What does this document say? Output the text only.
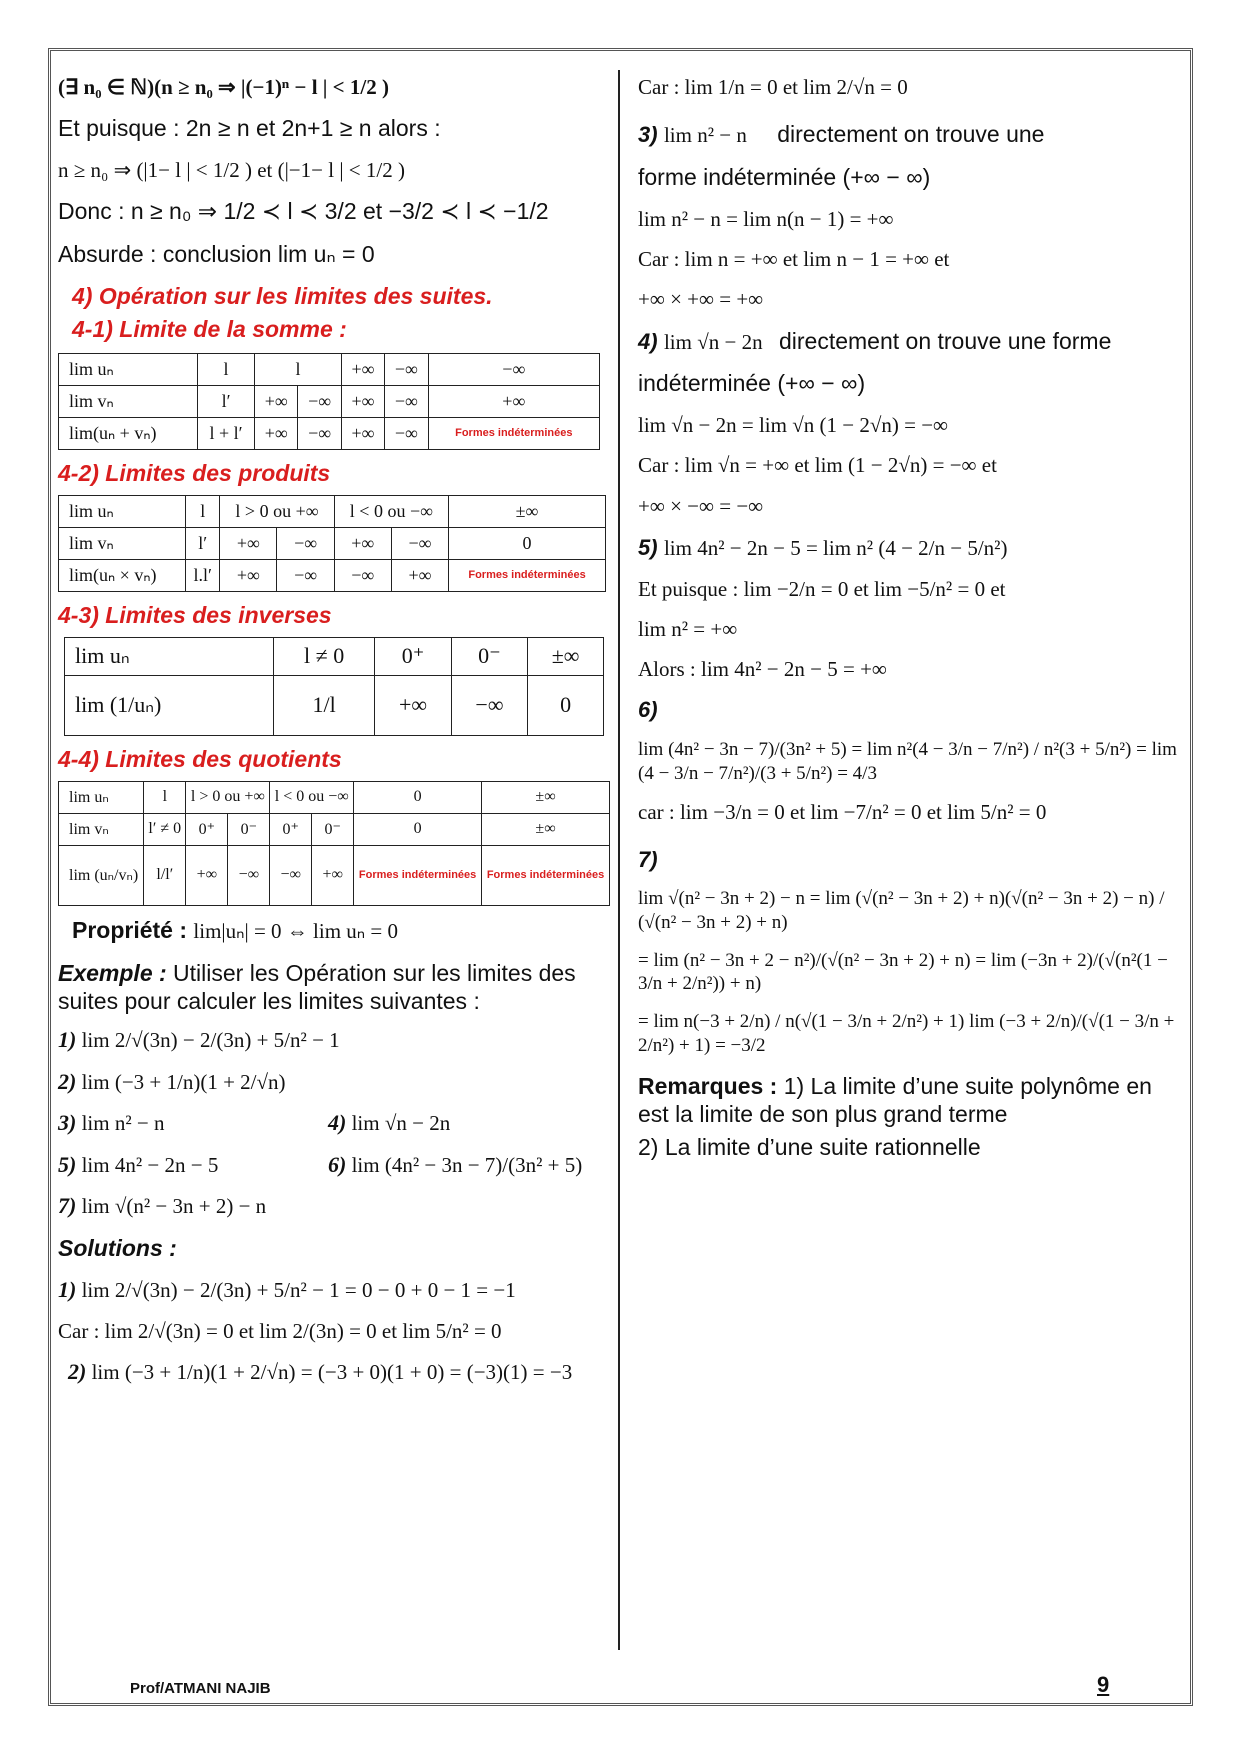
(∃ n₀ ∈ ℕ)(n ≥ n₀ ⇒ |(−1)ⁿ − l | < 1/2 )
Et puisque : 2n ≥ n et 2n+1 ≥ n alors :
n ≥ n₀ ⇒ (|1− l | < 1/2 ) et (|−1− l | < 1/2 )
Donc : n ≥ n₀ ⇒ 1/2 ≺ l ≺ 3/2 et −3/2 ≺ l ≺ −1/2
Absurde : conclusion lim uₙ = 0
4) Opération sur les limites des suites.
4-1) Limite de la somme :
lim uₙ	l	l		+∞	−∞	−∞
lim vₙ	l′	+∞	−∞	+∞	−∞	+∞
lim(uₙ + vₙ)	l + l′	+∞	−∞	+∞	−∞	Formes indéterminées
4-2) Limites des produits
lim uₙ	l	l > 0 ou +∞		l < 0 ou −∞		±∞
lim vₙ	l′	+∞	−∞	+∞	−∞	0
lim(uₙ × vₙ)	l.l′	+∞	−∞	−∞	+∞	Formes indéterminées
4-3) Limites des inverses
lim uₙ	l ≠ 0	0⁺	0⁻	±∞
lim (1/uₙ)	1/l	+∞	−∞	0
4-4) Limites des quotients
lim uₙ	l	l > 0 ou +∞		l < 0 ou −∞		0	±∞
lim vₙ	l′ ≠ 0	0⁺	0⁻	0⁺	0⁻	0	±∞
lim (uₙ/vₙ)	l/l′	+∞	−∞	−∞	+∞	Formes indéterminées	Formes indéterminées
Propriété : lim|uₙ| = 0 ⇔ lim uₙ = 0
Exemple : Utiliser les Opération sur les limites des suites pour calculer les limites suivantes :
1) lim 2/√(3n) − 2/(3n) + 5/n² − 1
2) lim (−3 + 1/n)(1 + 2/√n)
3) lim n² − n	4) lim √n − 2n
5) lim 4n² − 2n − 5	6) lim (4n² − 3n − 7)/(3n² + 5)
7) lim √(n² − 3n + 2) − n
Solutions :
1) lim 2/√(3n) − 2/(3n) + 5/n² − 1 = 0 − 0 + 0 − 1 = −1
Car : lim 2/√(3n) = 0 et lim 2/(3n) = 0 et lim 5/n² = 0
2) lim (−3 + 1/n)(1 + 2/√n) = (−3 + 0)(1 + 0) = (−3)(1) = −3
Car : lim 1/n = 0 et lim 2/√n = 0
3) lim n² − n directement on trouve une
forme indéterminée (+∞ − ∞)
lim n² − n = lim n(n − 1) = +∞
Car : lim n = +∞ et lim n − 1 = +∞ et
+∞ × +∞ = +∞
4) lim √n − 2n directement on trouve une forme
indéterminée (+∞ − ∞)
lim √n − 2n = lim √n (1 − 2√n) = −∞
Car : lim √n = +∞ et lim (1 − 2√n) = −∞ et
+∞ × −∞ = −∞
5) lim 4n² − 2n − 5 = lim n² (4 − 2/n − 5/n²)
Et puisque : lim −2/n = 0 et lim −5/n² = 0 et
lim n² = +∞
Alors : lim 4n² − 2n − 5 = +∞
6)
lim (4n² − 3n − 7)/(3n² + 5) = lim n²(4 − 3/n − 7/n²) / n²(3 + 5/n²) = lim (4 − 3/n − 7/n²)/(3 + 5/n²) = 4/3
car : lim −3/n = 0 et lim −7/n² = 0 et lim 5/n² = 0
7)
lim √(n² − 3n + 2) − n = lim (√(n² − 3n + 2) + n)(√(n² − 3n + 2) − n) / (√(n² − 3n + 2) + n)
= lim (n² − 3n + 2 − n²)/(√(n² − 3n + 2) + n) = lim (−3n + 2)/(√(n²(1 − 3/n + 2/n²)) + n)
= lim n(−3 + 2/n) / n(√(1 − 3/n + 2/n²) + 1) lim (−3 + 2/n)/(√(1 − 3/n + 2/n²) + 1) = −3/2
Remarques : 1) La limite d’une suite polynôme en est la limite de son plus grand terme
2) La limite d’une suite rationnelle
Prof/ATMANI NAJIB	9
